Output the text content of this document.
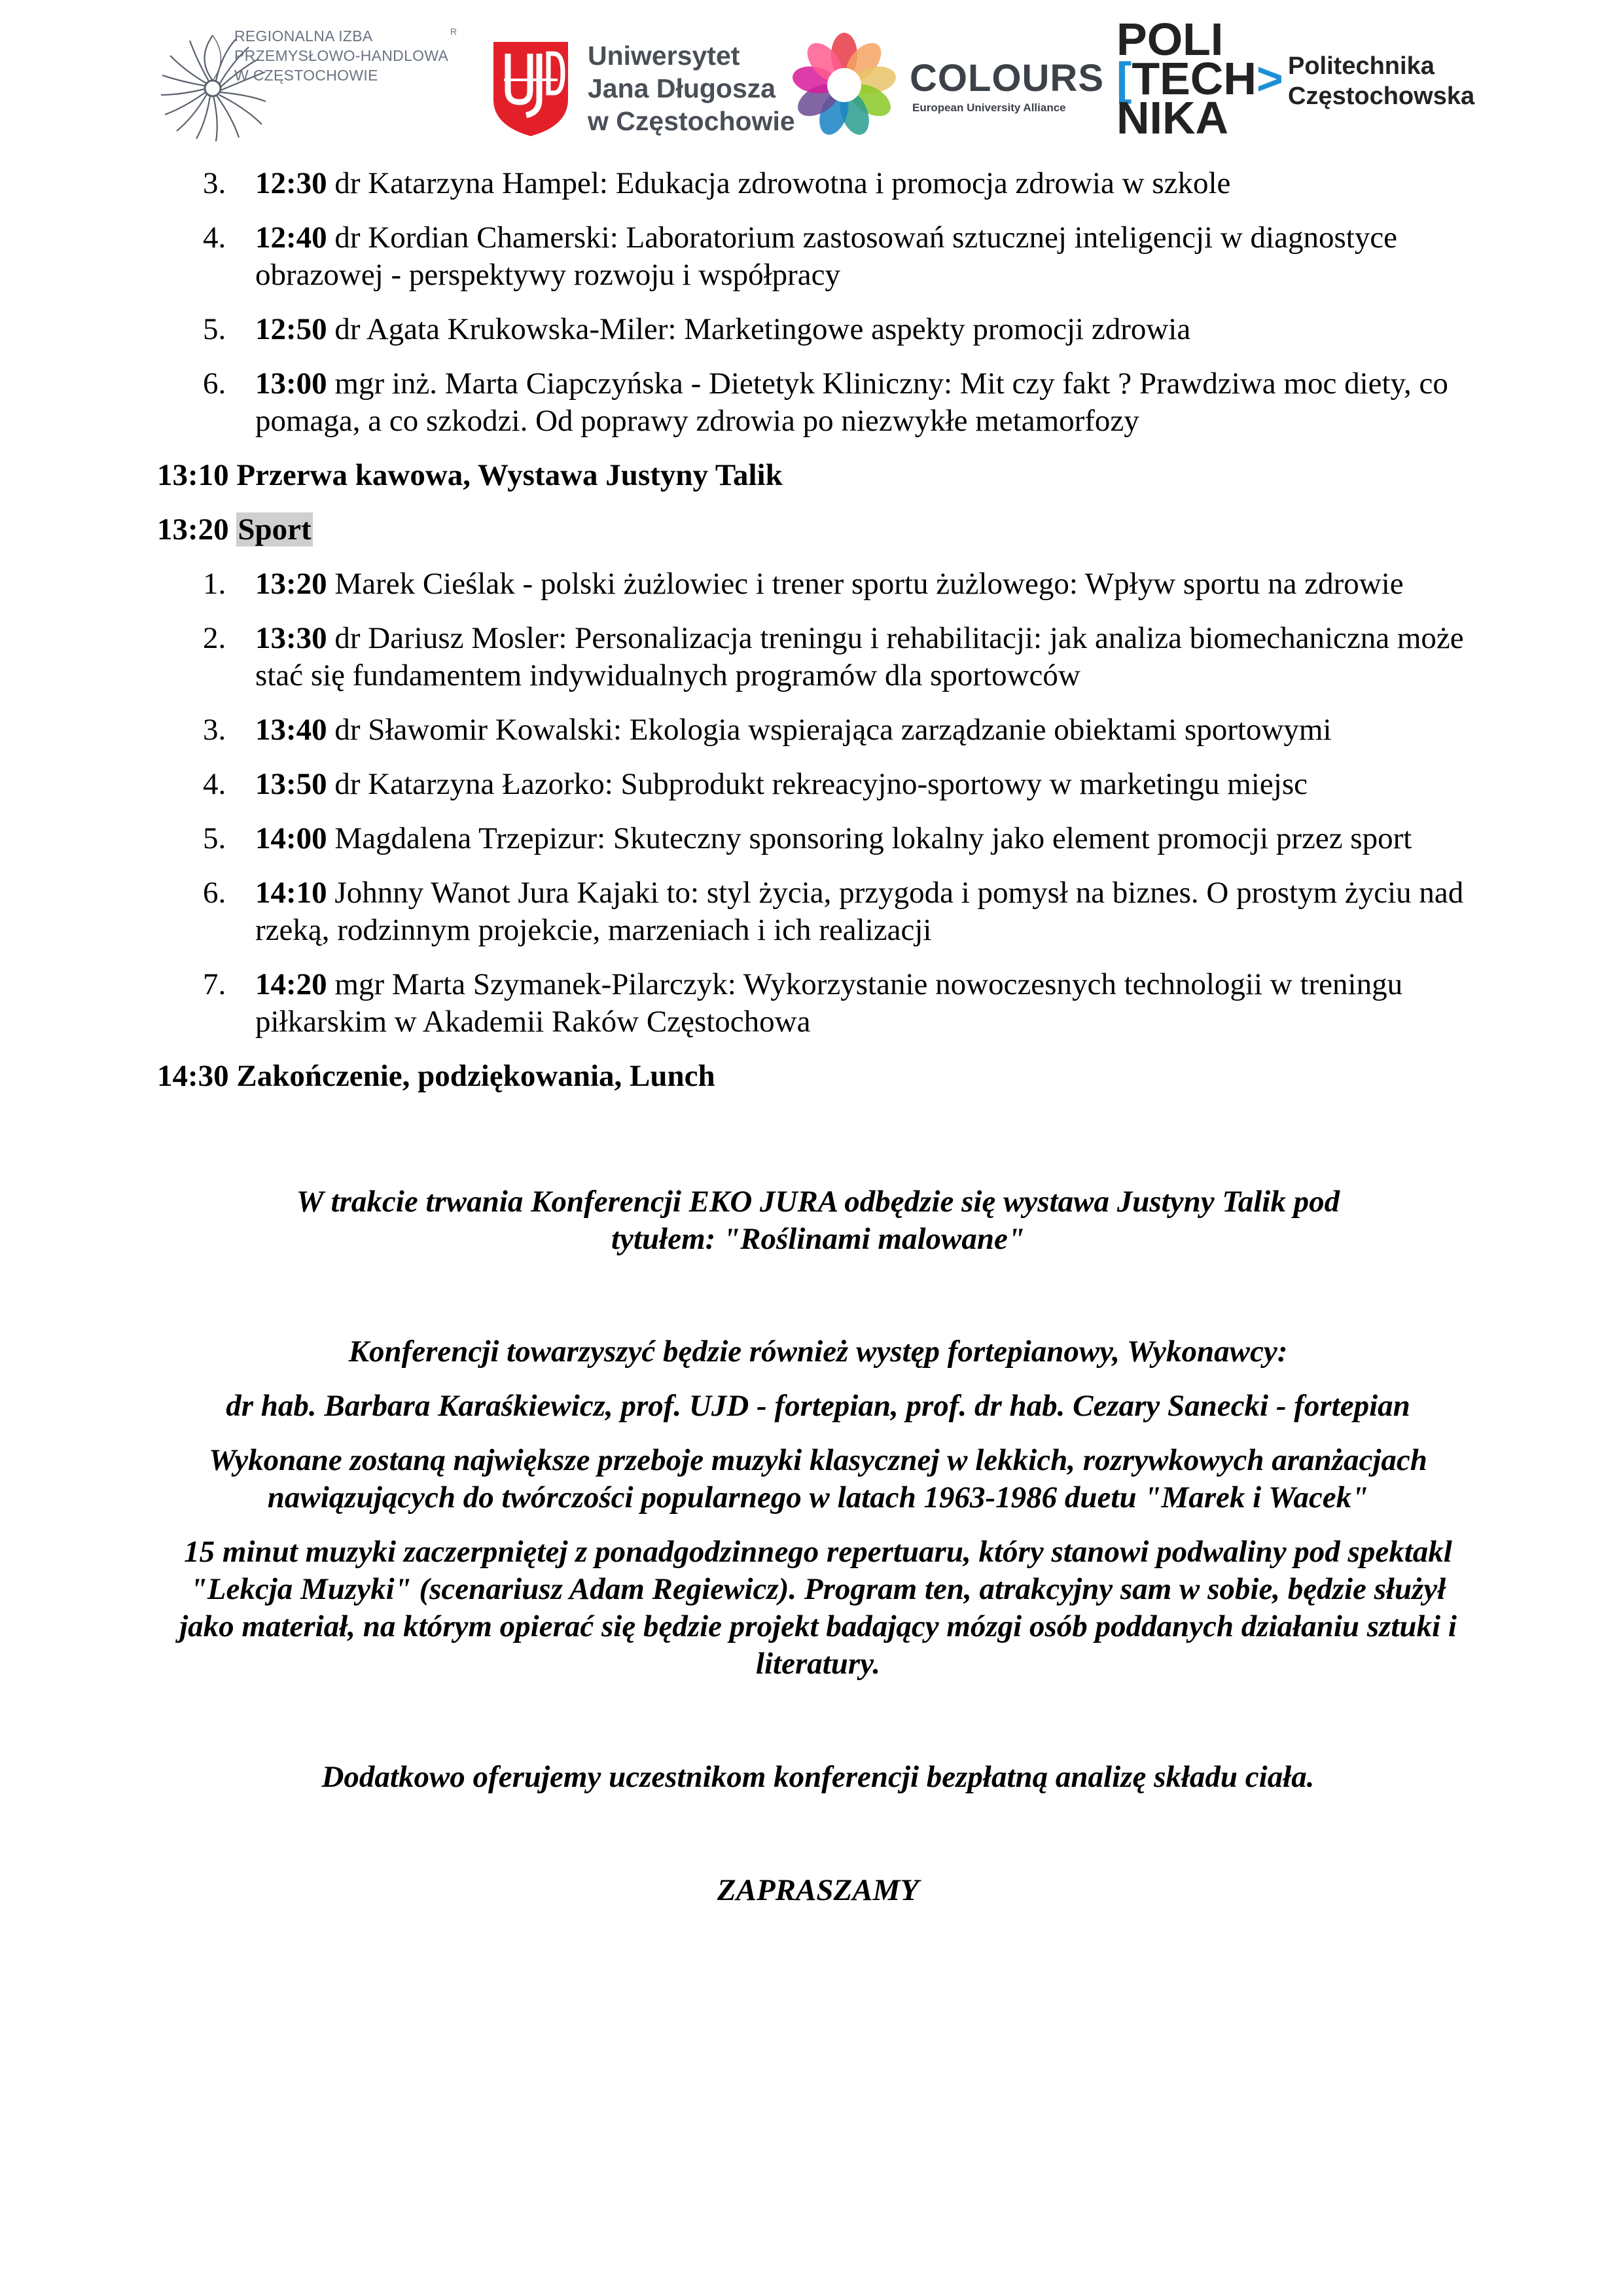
REGIONALNA IZBA
PRZEMYSŁOWO-HANDLOWA
W CZĘSTOCHOWIE
R
Uniwersytet
Jana Długosza
w Częstochowie
COLOURS
European University Alliance
POLI
[TECH>
NIKA
Politechnika
Częstochowska
3. 12:30 dr Katarzyna Hampel: Edukacja zdrowotna i promocja zdrowia w szkole
4. 12:40 dr Kordian Chamerski: Laboratorium zastosowań sztucznej inteligencji w diagnostyce obrazowej - perspektywy rozwoju i współpracy
5. 12:50 dr Agata Krukowska-Miler: Marketingowe aspekty promocji zdrowia
6. 13:00 mgr inż. Marta Ciapczyńska - Dietetyk Kliniczny: Mit czy fakt ? Prawdziwa moc diety, co pomaga, a co szkodzi. Od poprawy zdrowia po niezwykłe metamorfozy
13:10 Przerwa kawowa, Wystawa Justyny Talik
13:20 Sport
1. 13:20 Marek Cieślak - polski żużlowiec i trener sportu żużlowego: Wpływ sportu na zdrowie
2. 13:30 dr Dariusz Mosler: Personalizacja treningu i rehabilitacji: jak analiza biomechaniczna może stać się fundamentem indywidualnych programów dla sportowców
3. 13:40 dr Sławomir Kowalski: Ekologia wspierająca zarządzanie obiektami sportowymi
4. 13:50 dr Katarzyna Łazorko: Subprodukt rekreacyjno-sportowy w marketingu miejsc
5. 14:00 Magdalena Trzepizur: Skuteczny sponsoring lokalny jako element promocji przez sport
6. 14:10 Johnny Wanot Jura Kajaki to: styl życia, przygoda i pomysł na biznes. O prostym życiu nad rzeką, rodzinnym projekcie, marzeniach i ich realizacji
7. 14:20 mgr Marta Szymanek-Pilarczyk: Wykorzystanie nowoczesnych technologii w treningu piłkarskim w Akademii Raków Częstochowa
14:30 Zakończenie, podziękowania, Lunch

W trakcie trwania Konferencji EKO JURA odbędzie się wystawa Justyny Talik pod tytułem: "Roślinami malowane"

Konferencji towarzyszyć będzie również występ fortepianowy, Wykonawcy:

dr hab. Barbara Karaśkiewicz, prof. UJD - fortepian, prof. dr hab. Cezary Sanecki - fortepian

Wykonane zostaną największe przeboje muzyki klasycznej w lekkich, rozrywkowych aranżacjach nawiązujących do twórczości popularnego w latach 1963-1986 duetu "Marek i Wacek"

15 minut muzyki zaczerpniętej z ponadgodzinnego repertuaru, który stanowi podwaliny pod spektakl "Lekcja Muzyki" (scenariusz Adam Regiewicz). Program ten, atrakcyjny sam w sobie, będzie służył jako materiał, na którym opierać się będzie projekt badający mózgi osób poddanych działaniu sztuki i literatury.

Dodatkowo oferujemy uczestnikom konferencji bezpłatną analizę składu ciała.

ZAPRASZAMY
